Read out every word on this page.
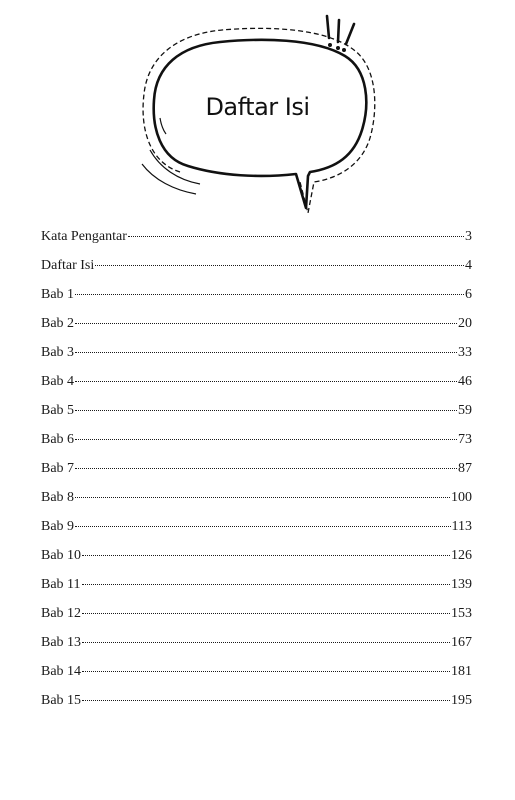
Daftar Isi
Kata Pengantar	3
Daftar Isi	4
Bab 1	6
Bab 2	20
Bab 3	33
Bab 4	46
Bab 5	59
Bab 6	73
Bab 7	87
Bab 8	100
Bab 9	113
Bab 10	126
Bab 11	139
Bab 12	153
Bab 13	167
Bab 14	181
Bab 15	195
